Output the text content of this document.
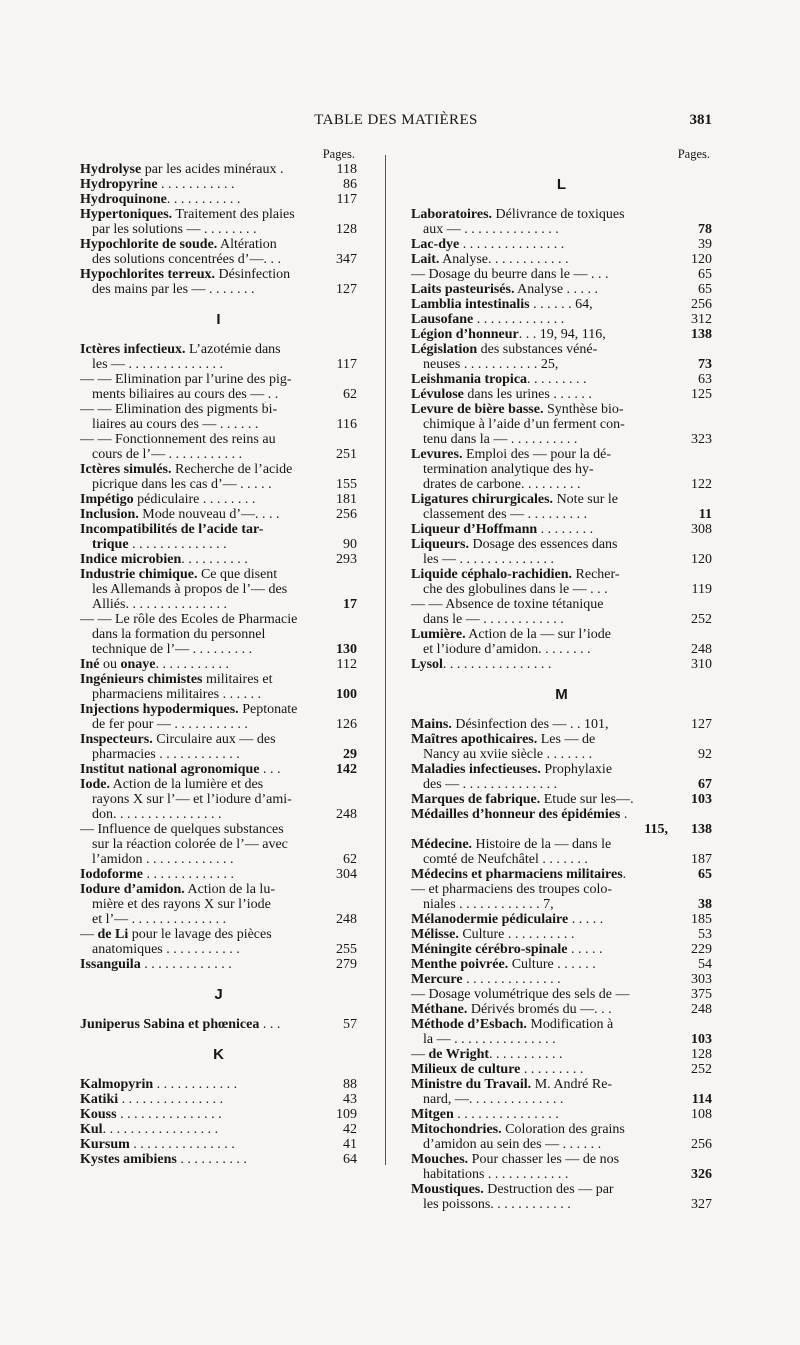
TABLE DES MATIÈRES	381
Pages.
Hydrolyse par les acides minéraux .	118
Hydropyrine . . . . . . . . . . .	86
Hydroquinone. . . . . . . . . . .	117
Hypertoniques. Traitement des plaies
par les solutions — . . . . . . . .	128
Hypochlorite de soude. Altération
des solutions concentrées d’—. . .	347
Hypochlorites terreux. Désinfection
des mains par les — . . . . . . .	127
I
Ictères infectieux. L’azotémie dans
les — . . . . . . . . . . . . . .	117
— — Elimination par l’urine des pig-
ments biliaires au cours des — . .	62
— — Elimination des pigments bi-
liaires au cours des — . . . . . .	116
— — Fonctionnement des reins au
cours de l’— . . . . . . . . . . .	251
Ictères simulés. Recherche de l’acide
picrique dans les cas d’— . . . . .	155
Impétigo pédiculaire . . . . . . . .	181
Inclusion. Mode nouveau d’—. . . .	256
Incompatibilités de l’acide tar-
trique . . . . . . . . . . . . . .	90
Indice microbien. . . . . . . . . .	293
Industrie chimique. Ce que disent
les Allemands à propos de l’— des
Alliés. . . . . . . . . . . . . . .	17
— — Le rôle des Ecoles de Pharmacie
dans la formation du personnel
technique de l’— . . . . . . . . .	130
Iné ou onaye. . . . . . . . . . .	112
Ingénieurs chimistes militaires et
pharmaciens militaires . . . . . .	100
Injections hypodermiques. Peptonate
de fer pour — . . . . . . . . . . .	126
Inspecteurs. Circulaire aux — des
pharmacies . . . . . . . . . . . .	29
Institut national agronomique . . .	142
Iode. Action de la lumière et des
rayons X sur l’— et l’iodure d’ami-
don. . . . . . . . . . . . . . . .	248
— Influence de quelques substances
sur la réaction colorée de l’— avec
l’amidon . . . . . . . . . . . . .	62
Iodoforme . . . . . . . . . . . . .	304
Iodure d’amidon. Action de la lu-
mière et des rayons X sur l’iode
et l’— . . . . . . . . . . . . . .	248
— de Li pour le lavage des pièces
anatomiques . . . . . . . . . . .	255
Issanguila . . . . . . . . . . . . .	279
J
Juniperus Sabina et phœnicea . . .	57
K
Kalmopyrin . . . . . . . . . . . .	88
Katiki . . . . . . . . . . . . . . .	43
Kouss . . . . . . . . . . . . . . .	109
Kul. . . . . . . . . . . . . . . . .	42
Kursum . . . . . . . . . . . . . . .	41
Kystes amibiens . . . . . . . . . .	64
Pages.
L
Laboratoires. Délivrance de toxiques
aux — . . . . . . . . . . . . . .	78
Lac-dye . . . . . . . . . . . . . . .	39
Lait. Analyse. . . . . . . . . . . .	120
— Dosage du beurre dans le — . . .	65
Laits pasteurisés. Analyse . . . . .	65
Lamblia intestinalis . . . . . . 64,	256
Lausofane . . . . . . . . . . . . .	312
Légion d’honneur. . . 19, 94, 116,	138
Législation des substances véné-
neuses . . . . . . . . . . . 25,	73
Leishmania tropica. . . . . . . . .	63
Lévulose dans les urines . . . . . .	125
Levure de bière basse. Synthèse bio-
chimique à l’aide d’un ferment con-
tenu dans la — . . . . . . . . . .	323
Levures. Emploi des — pour la dé-
termination analytique des hy-
drates de carbone. . . . . . . . .	122
Ligatures chirurgicales. Note sur le
classement des — . . . . . . . . .	11
Liqueur d’Hoffmann . . . . . . . .	308
Liqueurs. Dosage des essences dans
les — . . . . . . . . . . . . . .	120
Liquide céphalo-rachidien. Recher-
che des globulines dans le — . . .	119
— — Absence de toxine tétanique
dans le — . . . . . . . . . . . .	252
Lumière. Action de la — sur l’iode
et l’iodure d’amidon. . . . . . . .	248
Lysol. . . . . . . . . . . . . . . .	310
M
Mains. Désinfection des — . . 101,	127
Maîtres apothicaires. Les — de
Nancy au xviie siècle . . . . . . .	92
Maladies infectieuses. Prophylaxie
des — . . . . . . . . . . . . . .	67
Marques de fabrique. Etude sur les—.	103
Médailles d’honneur des épidémies .
115,	138
Médecine. Histoire de la — dans le
comté de Neufchâtel . . . . . . .	187
Médecins et pharmaciens militaires.	65
— et pharmaciens des troupes colo-
niales . . . . . . . . . . . . 7,	38
Mélanodermie pédiculaire . . . . .	185
Mélisse. Culture . . . . . . . . . .	53
Méningite cérébro-spinale . . . . .	229
Menthe poivrée. Culture . . . . . .	54
Mercure . . . . . . . . . . . . . .	303
— Dosage volumétrique des sels de —	375
Méthane. Dérivés bromés du —. . .	248
Méthode d’Esbach. Modification à
la — . . . . . . . . . . . . . . .	103
— de Wright. . . . . . . . . . .	128
Milieux de culture . . . . . . . . .	252
Ministre du Travail. M. André Re-
nard, —. . . . . . . . . . . . . .	114
Mitgen . . . . . . . . . . . . . . .	108
Mitochondries. Coloration des grains
d’amidon au sein des — . . . . . .	256
Mouches. Pour chasser les — de nos
habitations . . . . . . . . . . . .	326
Moustiques. Destruction des — par
les poissons. . . . . . . . . . . .	327
